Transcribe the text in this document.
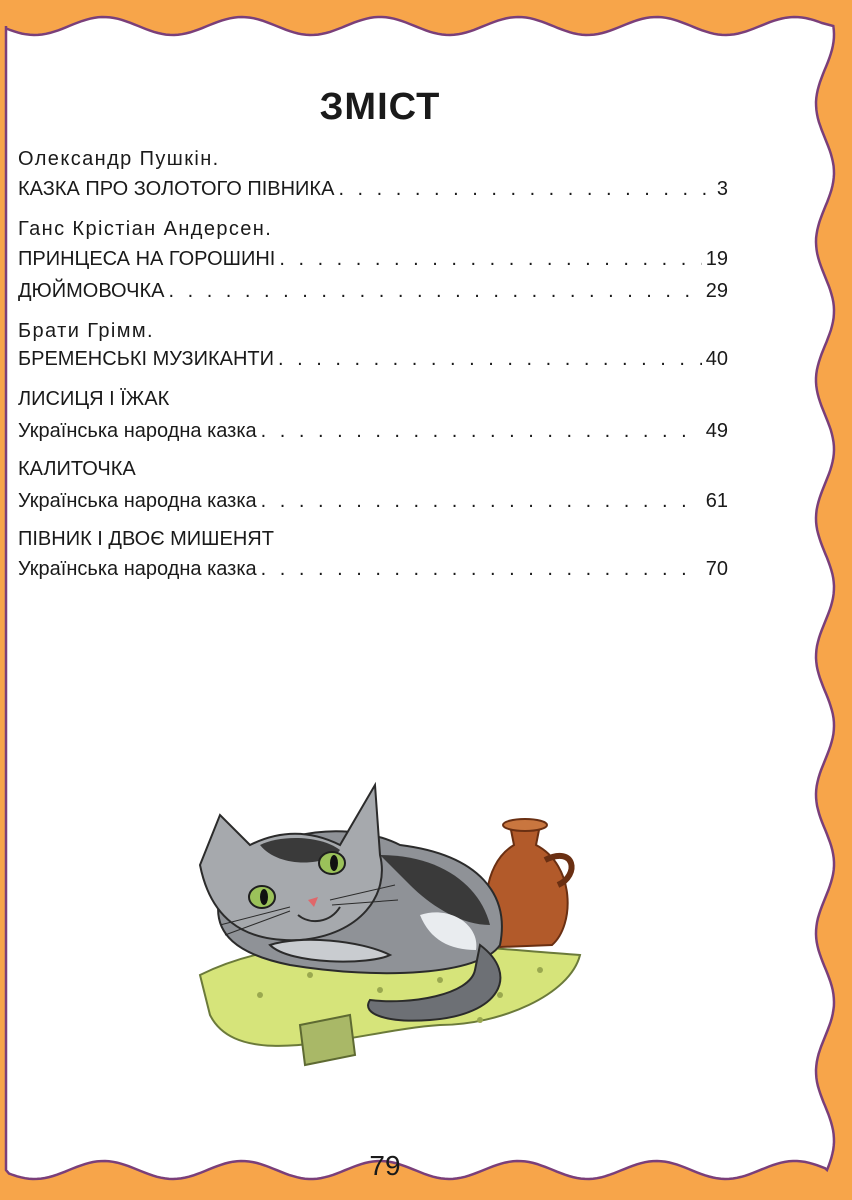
ЗМІСТ
Олександр Пушкін.
КАЗКА ПРО ЗОЛОТОГО ПІВНИКА . . .	3
Ганс Крістіан Андерсен.
ПРИНЦЕСА НА ГОРОШИНІ . . .	19
ДЮЙМОВОЧКА . . .	29
Брати Грімм.
БРЕМЕНСЬКІ МУЗИКАНТИ . . .	40
ЛИСИЦЯ І ЇЖАК
Українська народна казка . . .	49
КАЛИТОЧКА
Українська народна казка . . .	61
ПІВНИК І ДВОЄ МИШЕНЯТ
Українська народна казка . . .	70
79
